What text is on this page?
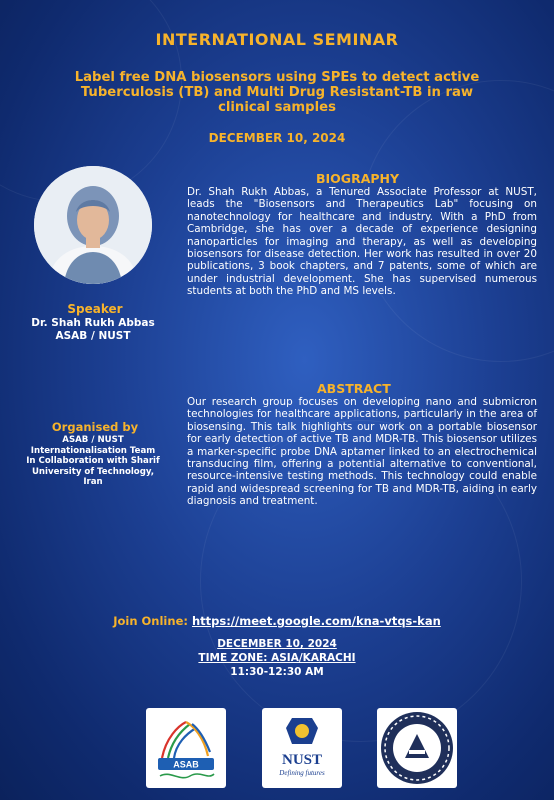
INTERNATIONAL SEMINAR
Label free DNA biosensors using SPEs to detect active
Tuberculosis (TB) and Multi Drug Resistant-TB in raw
clinical samples
DECEMBER 10, 2024
Speaker
Dr. Shah Rukh Abbas
ASAB / NUST
Organised by
ASAB / NUST
Internationalisation Team
In Collaboration with Sharif
University of Technology,
Iran
BIOGRAPHY
Dr. Shah Rukh Abbas, a Tenured Associate Professor at NUST, leads the "Biosensors and Therapeutics Lab" focusing on nanotechnology for healthcare and industry. With a PhD from Cambridge, she has over a decade of experience designing nanoparticles for imaging and therapy, as well as developing biosensors for disease detection. Her work has resulted in over 20 publications, 3 book chapters, and 7 patents, some of which are under industrial development. She has supervised numerous students at both the PhD and MS levels.
ABSTRACT
Our research group focuses on developing nano and submicron technologies for healthcare applications, particularly in the area of biosensing. This talk highlights our work on a portable biosensor for early detection of active TB and MDR-TB. This biosensor utilizes a marker-specific probe DNA aptamer linked to an electrochemical transducing film, offering a potential alternative to conventional, resource-intensive testing methods. This technology could enable rapid and widespread screening for TB and MDR-TB, aiding in early diagnosis and treatment.
Join Online: https://meet.google.com/kna-vtqs-kan
DECEMBER 10, 2024
TIME ZONE: ASIA/KARACHI
11:30-12:30 AM
ASAB	NUST
Defining futures
